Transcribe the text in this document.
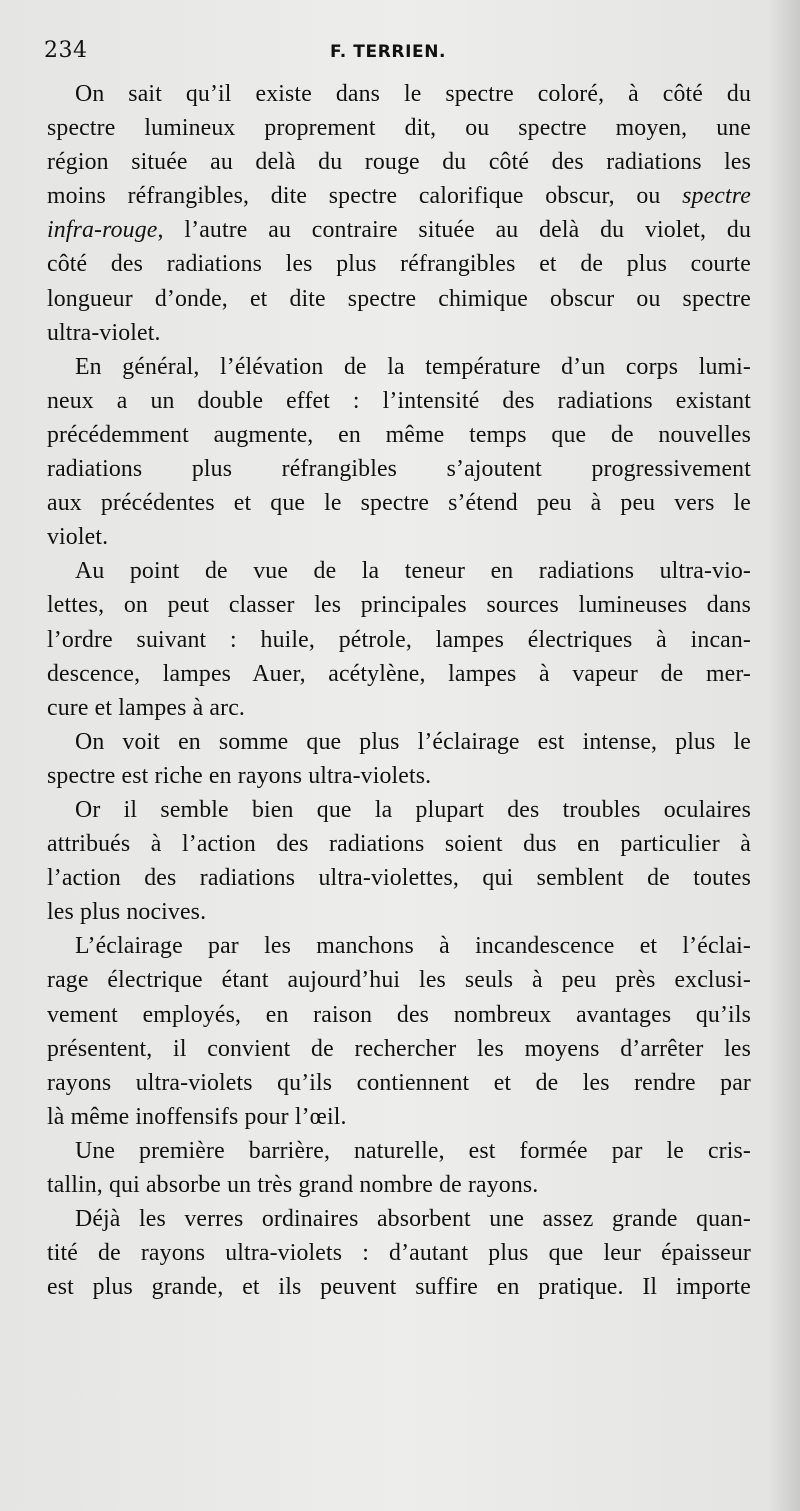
234	F. TERRIEN.
On sait qu’il existe dans le spectre coloré, à côté du
spectre lumineux proprement dit, ou spectre moyen, une
région située au delà du rouge du côté des radiations les
moins réfrangibles, dite spectre calorifique obscur, ou spectre
infra-rouge, l’autre au contraire située au delà du violet, du
côté des radiations les plus réfrangibles et de plus courte
longueur d’onde, et dite spectre chimique obscur ou spectre
ultra-violet.
En général, l’élévation de la température d’un corps lumi-
neux a un double effet : l’intensité des radiations existant
précédemment augmente, en même temps que de nouvelles
radiations plus réfrangibles s’ajoutent progressivement
aux précédentes et que le spectre s’étend peu à peu vers le
violet.
Au point de vue de la teneur en radiations ultra-vio-
lettes, on peut classer les principales sources lumineuses dans
l’ordre suivant : huile, pétrole, lampes électriques à incan-
descence, lampes Auer, acétylène, lampes à vapeur de mer-
cure et lampes à arc.
On voit en somme que plus l’éclairage est intense, plus le
spectre est riche en rayons ultra-violets.
Or il semble bien que la plupart des troubles oculaires
attribués à l’action des radiations soient dus en particulier à
l’action des radiations ultra-violettes, qui semblent de toutes
les plus nocives.
L’éclairage par les manchons à incandescence et l’éclai-
rage électrique étant aujourd’hui les seuls à peu près exclusi-
vement employés, en raison des nombreux avantages qu’ils
présentent, il convient de rechercher les moyens d’arrêter les
rayons ultra-violets qu’ils contiennent et de les rendre par
là même inoffensifs pour l’œil.
Une première barrière, naturelle, est formée par le cris-
tallin, qui absorbe un très grand nombre de rayons.
Déjà les verres ordinaires absorbent une assez grande quan-
tité de rayons ultra-violets : d’autant plus que leur épaisseur
est plus grande, et ils peuvent suffire en pratique. Il importe
